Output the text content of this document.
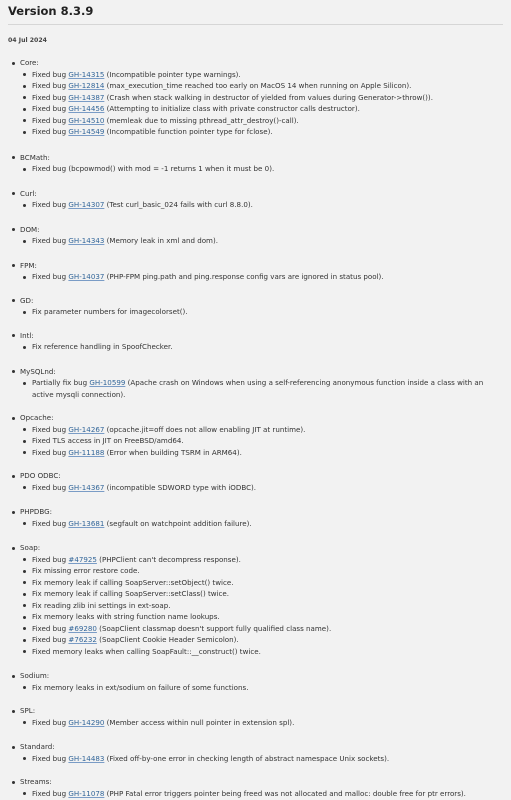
Version 8.3.9
04 Jul 2024
Core:
Fixed bug GH-14315 (Incompatible pointer type warnings).
Fixed bug GH-12814 (max_execution_time reached too early on MacOS 14 when running on Apple Silicon).
Fixed bug GH-14387 (Crash when stack walking in destructor of yielded from values during Generator->throw()).
Fixed bug GH-14456 (Attempting to initialize class with private constructor calls destructor).
Fixed bug GH-14510 (memleak due to missing pthread_attr_destroy()-call).
Fixed bug GH-14549 (Incompatible function pointer type for fclose).
BCMath:
Fixed bug (bcpowmod() with mod = -1 returns 1 when it must be 0).
Curl:
Fixed bug GH-14307 (Test curl_basic_024 fails with curl 8.8.0).
DOM:
Fixed bug GH-14343 (Memory leak in xml and dom).
FPM:
Fixed bug GH-14037 (PHP-FPM ping.path and ping.response config vars are ignored in status pool).
GD:
Fix parameter numbers for imagecolorset().
Intl:
Fix reference handling in SpoofChecker.
MySQLnd:
Partially fix bug GH-10599 (Apache crash on Windows when using a self-referencing anonymous function inside a class with an active mysqli connection).
Opcache:
Fixed bug GH-14267 (opcache.jit=off does not allow enabling JIT at runtime).
Fixed TLS access in JIT on FreeBSD/amd64.
Fixed bug GH-11188 (Error when building TSRM in ARM64).
PDO ODBC:
Fixed bug GH-14367 (incompatible SDWORD type with iODBC).
PHPDBG:
Fixed bug GH-13681 (segfault on watchpoint addition failure).
Soap:
Fixed bug #47925 (PHPClient can't decompress response).
Fix missing error restore code.
Fix memory leak if calling SoapServer::setObject() twice.
Fix memory leak if calling SoapServer::setClass() twice.
Fix reading zlib ini settings in ext-soap.
Fix memory leaks with string function name lookups.
Fixed bug #69280 (SoapClient classmap doesn't support fully qualified class name).
Fixed bug #76232 (SoapClient Cookie Header Semicolon).
Fixed memory leaks when calling SoapFault::__construct() twice.
Sodium:
Fix memory leaks in ext/sodium on failure of some functions.
SPL:
Fixed bug GH-14290 (Member access within null pointer in extension spl).
Standard:
Fixed bug GH-14483 (Fixed off-by-one error in checking length of abstract namespace Unix sockets).
Streams:
Fixed bug GH-11078 (PHP Fatal error triggers pointer being freed was not allocated and malloc: double free for ptr errors).
